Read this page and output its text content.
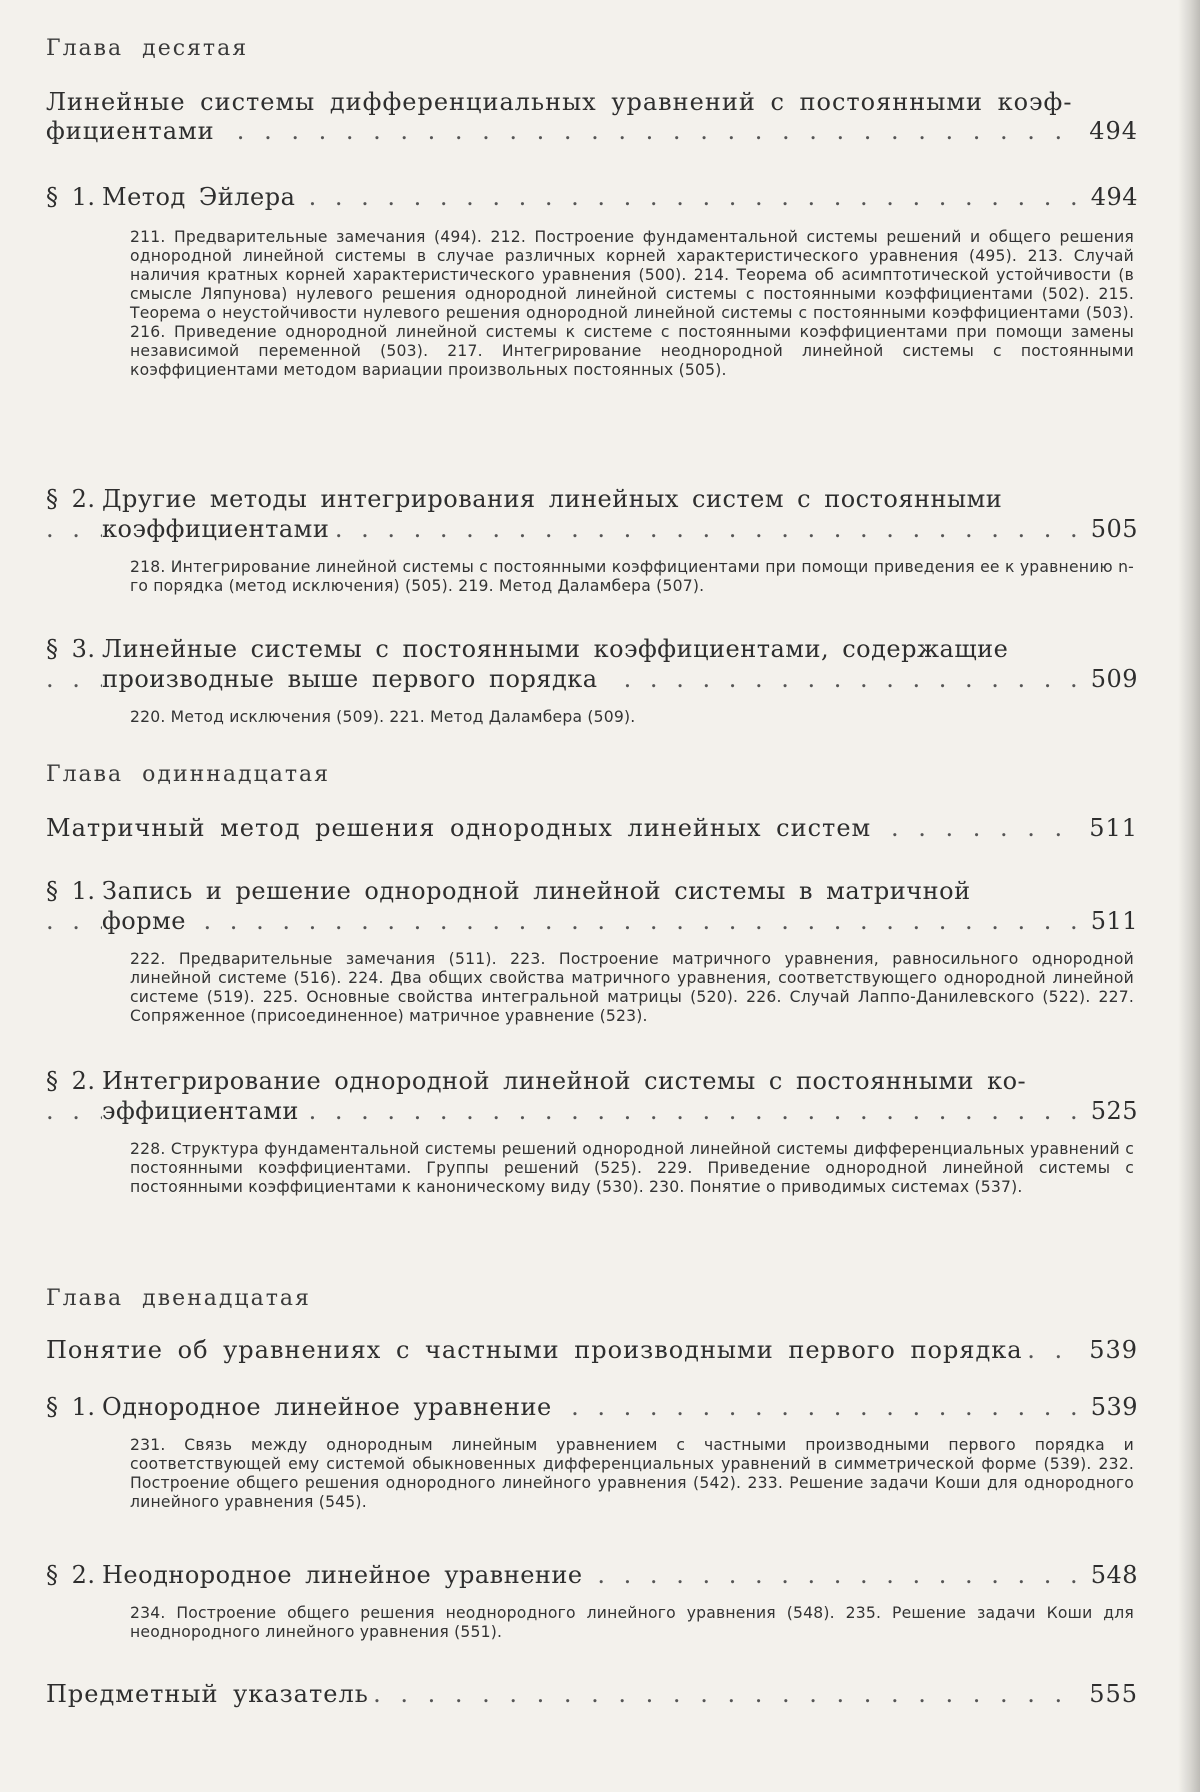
Глава десятая
Линейные системы дифференциальных уравнений с постоянными коэф-
фициентами . . .	494
§ 1. Метод Эйлера . . .	494
211. Предварительные замечания (494). 212. Построение фундаментальной системы решений и общего решения однородной линейной системы в случае различных корней характеристического уравнения (495). 213. Случай наличия кратных корней характеристического уравнения (500). 214. Теорема об асимптотической устойчивости (в смысле Ляпунова) нулевого решения однородной линейной системы с постоянными коэффициентами (502). 215. Теорема о неустойчивости нулевого решения однородной линейной системы с постоянными коэффициентами (503). 216. Приведение однородной линейной системы к системе с постоянными коэффициентами при помощи замены независимой переменной (503). 217. Интегрирование неоднородной линейной системы с постоянными коэффициентами методом вариации произвольных постоянных (505).
§ 2. Другие методы интегрирования линейных систем с постоянными
коэффициентами . . .	505
218. Интегрирование линейной системы с постоянными коэффициентами при помощи приведения ее к уравнению n-го порядка (метод исключения) (505). 219. Метод Даламбера (507).
§ 3. Линейные системы с постоянными коэффициентами, содержащие
производные выше первого порядка . . .	509
220. Метод исключения (509). 221. Метод Даламбера (509).
Глава одиннадцатая
Матричный метод решения однородных линейных систем . . .	511
§ 1. Запись и решение однородной линейной системы в матричной
форме . . .	511
222. Предварительные замечания (511). 223. Построение матричного уравнения, равносильного однородной линейной системе (516). 224. Два общих свойства матричного уравнения, соответствующего однородной линейной системе (519). 225. Основные свойства интегральной матрицы (520). 226. Случай Лаппо-Данилевского (522). 227. Сопряженное (присоединенное) матричное уравнение (523).
§ 2. Интегрирование однородной линейной системы с постоянными ко-
эффициентами . . .	525
228. Структура фундаментальной системы решений однородной линейной системы дифференциальных уравнений с постоянными коэффициентами. Группы решений (525). 229. Приведение однородной линейной системы с постоянными коэффициентами к каноническому виду (530). 230. Понятие о приводимых системах (537).
Глава двенадцатая
Понятие об уравнениях с частными производными первого порядка . . .	539
§ 1. Однородное линейное уравнение . . .	539
231. Связь между однородным линейным уравнением с частными производными первого порядка и соответствующей ему системой обыкновенных дифференциальных уравнений в симметрической форме (539). 232. Построение общего решения однородного линейного уравнения (542). 233. Решение задачи Коши для однородного линейного уравнения (545).
§ 2. Неоднородное линейное уравнение . . .	548
234. Построение общего решения неоднородного линейного уравнения (548). 235. Решение задачи Коши для неоднородного линейного уравнения (551).
Предметный указатель . . .	555
